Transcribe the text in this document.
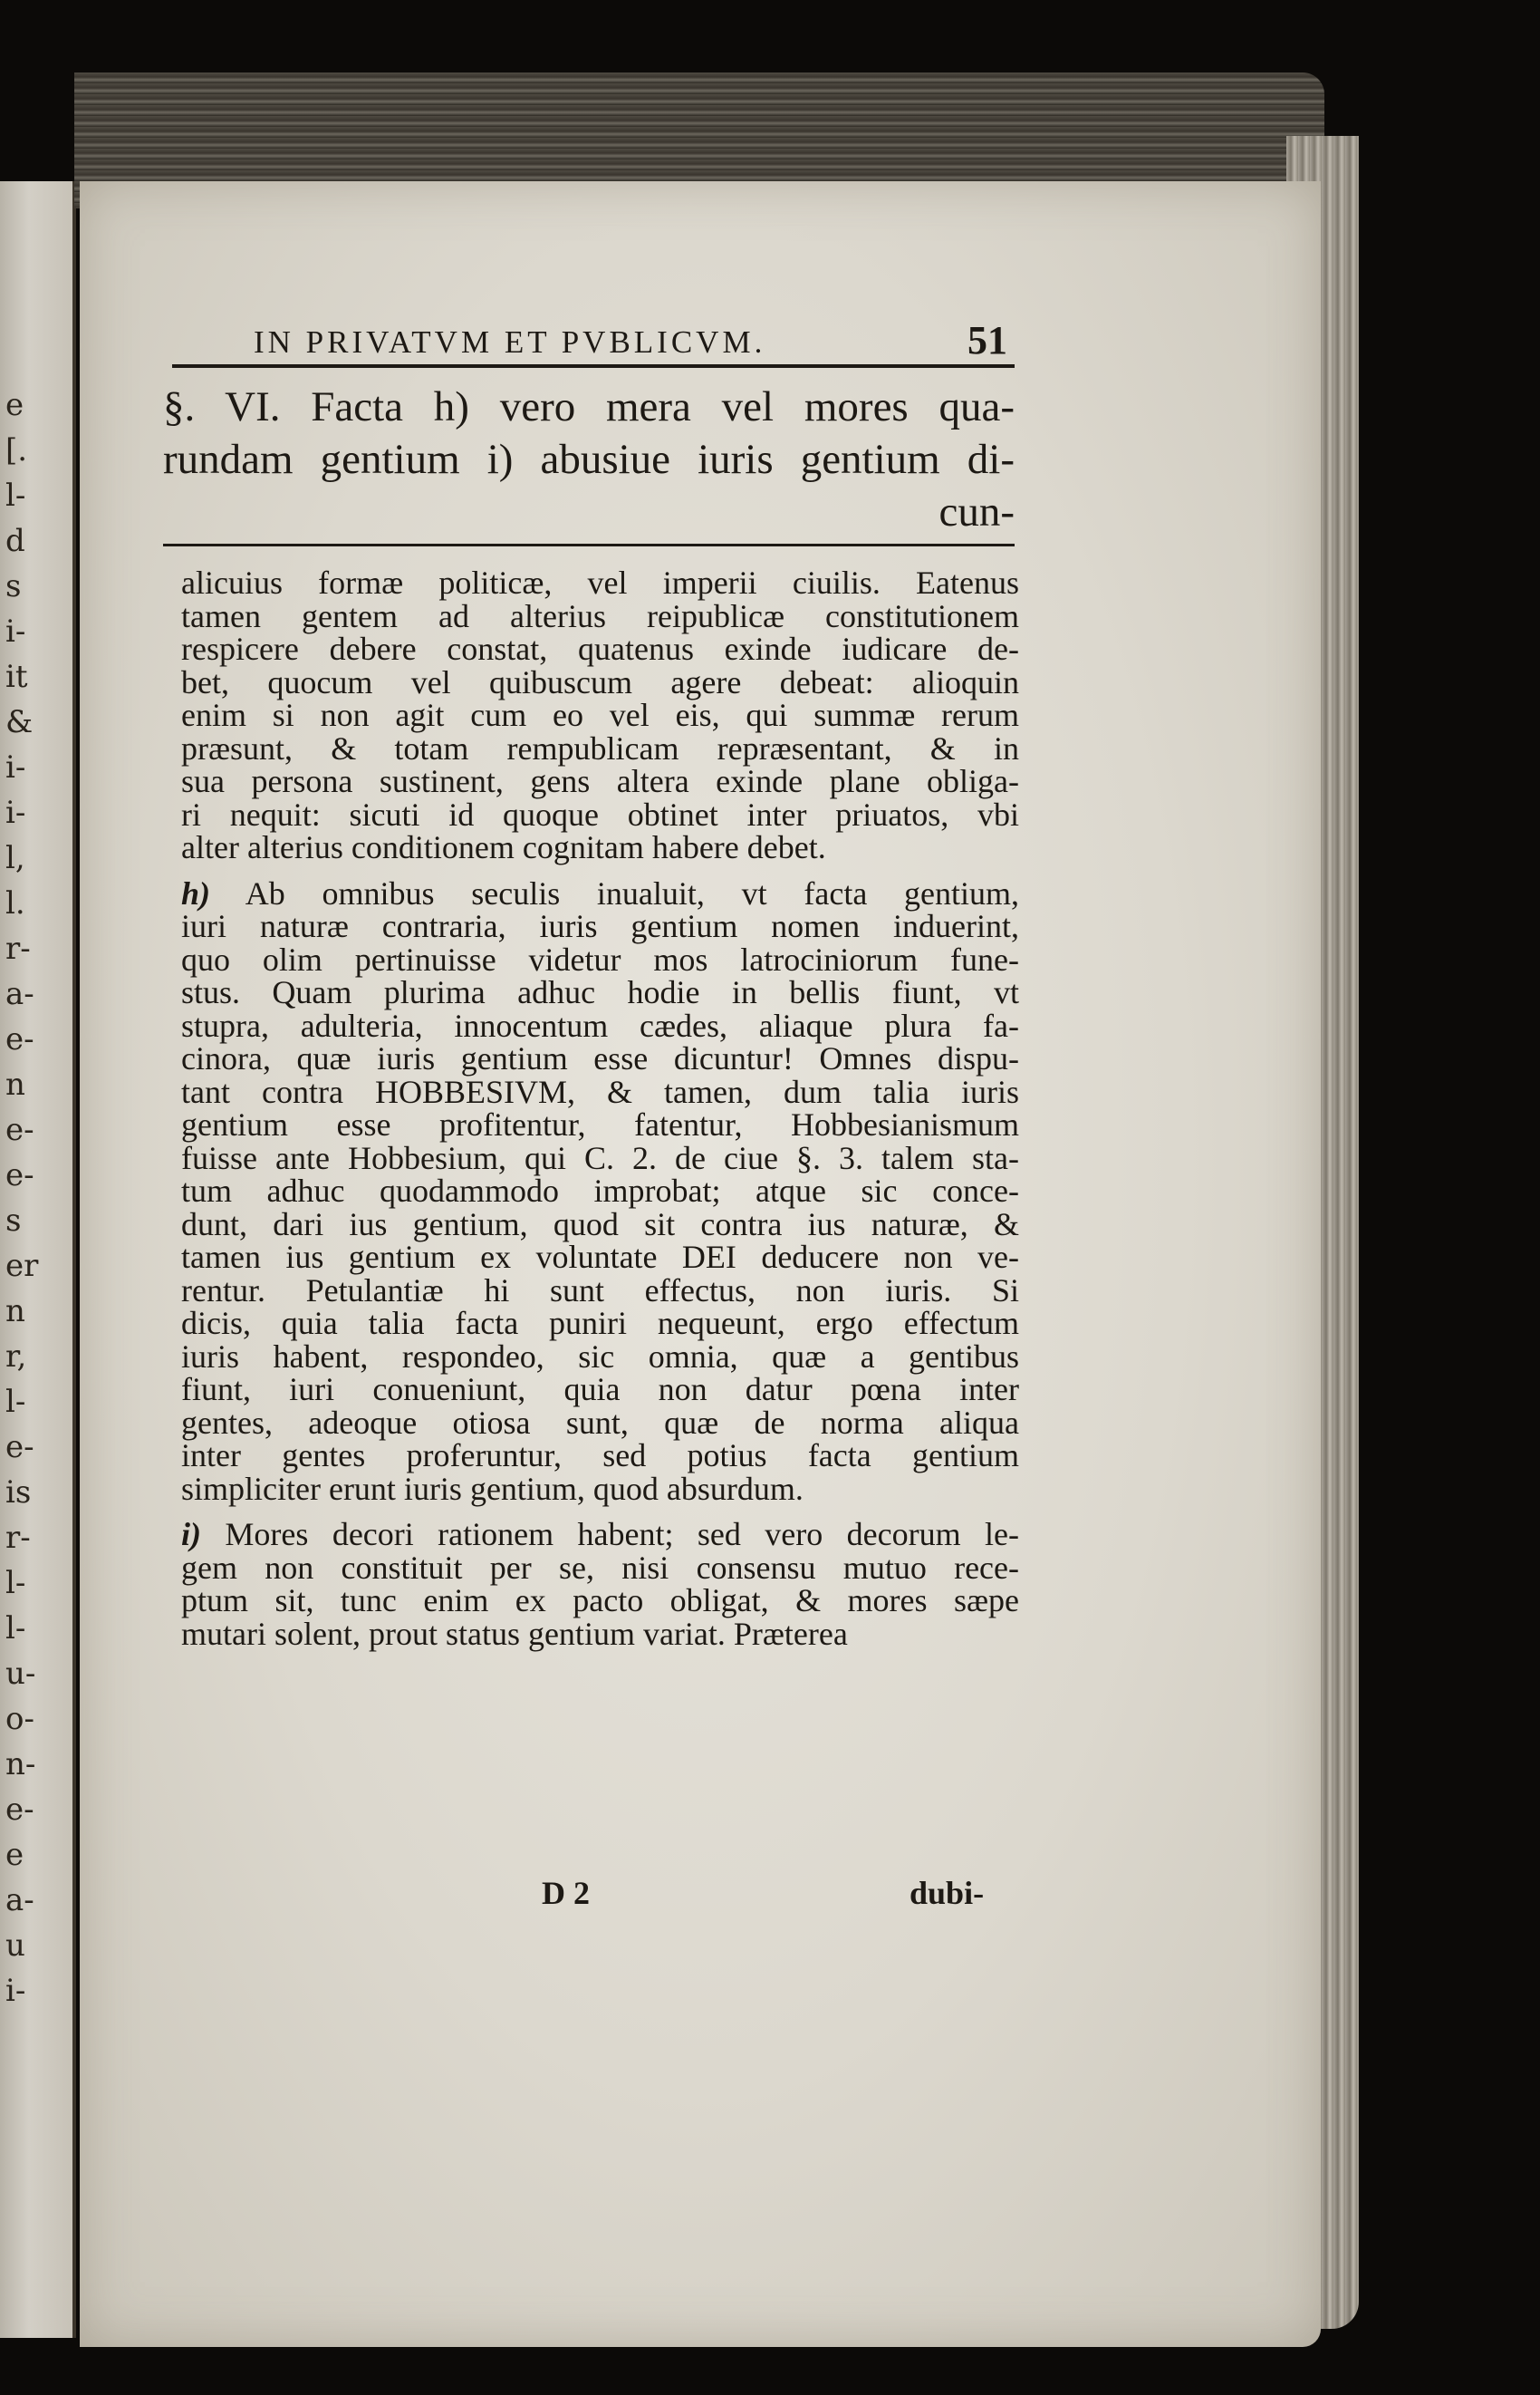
e
[.
l-
d
s
i-
it
&
i-
i-
l,
l.
r-
a-
e-
n
e-
e-
s
er
n
r,
l-
e-
is
r-
l-
l-
u-
o-
n-
e-
e
a-
u
i-
IN PRIVATVM ET PVBLICVM.	51
§. VI. Facta h) vero mera vel mores qua-
rundam gentium i) abusiue iuris gentium di-
cun-
alicuius formæ politicæ, vel imperii ciuilis. Eatenus
tamen gentem ad alterius reipublicæ constitutionem
respicere debere constat, quatenus exinde iudicare de-
bet, quocum vel quibuscum agere debeat: alioquin
enim si non agit cum eo vel eis, qui summæ rerum
præsunt, & totam rempublicam repræsentant, & in
sua persona sustinent, gens altera exinde plane obliga-
ri nequit: sicuti id quoque obtinet inter priuatos, vbi
alter alterius conditionem cognitam habere debet.
h) Ab omnibus seculis inualuit, vt facta gentium,
iuri naturæ contraria, iuris gentium nomen induerint,
quo olim pertinuisse videtur mos latrociniorum fune-
stus. Quam plurima adhuc hodie in bellis fiunt, vt
stupra, adulteria, innocentum cædes, aliaque plura fa-
cinora, quæ iuris gentium esse dicuntur! Omnes dispu-
tant contra HOBBESIVM, & tamen, dum talia iuris
gentium esse profitentur, fatentur, Hobbesianismum
fuisse ante Hobbesium, qui C. 2. de ciue §. 3. talem sta-
tum adhuc quodammodo improbat; atque sic conce-
dunt, dari ius gentium, quod sit contra ius naturæ, &
tamen ius gentium ex voluntate DEI deducere non ve-
rentur. Petulantiæ hi sunt effectus, non iuris. Si
dicis, quia talia facta puniri nequeunt, ergo effectum
iuris habent, respondeo, sic omnia, quæ a gentibus
fiunt, iuri conueniunt, quia non datur pœna inter
gentes, adeoque otiosa sunt, quæ de norma aliqua
inter gentes proferuntur, sed potius facta gentium
simpliciter erunt iuris gentium, quod absurdum.
i) Mores decori rationem habent; sed vero decorum le-
gem non constituit per se, nisi consensu mutuo rece-
ptum sit, tunc enim ex pacto obligat, & mores sæpe
mutari solent, prout status gentium variat. Præterea
D 2	dubi-
